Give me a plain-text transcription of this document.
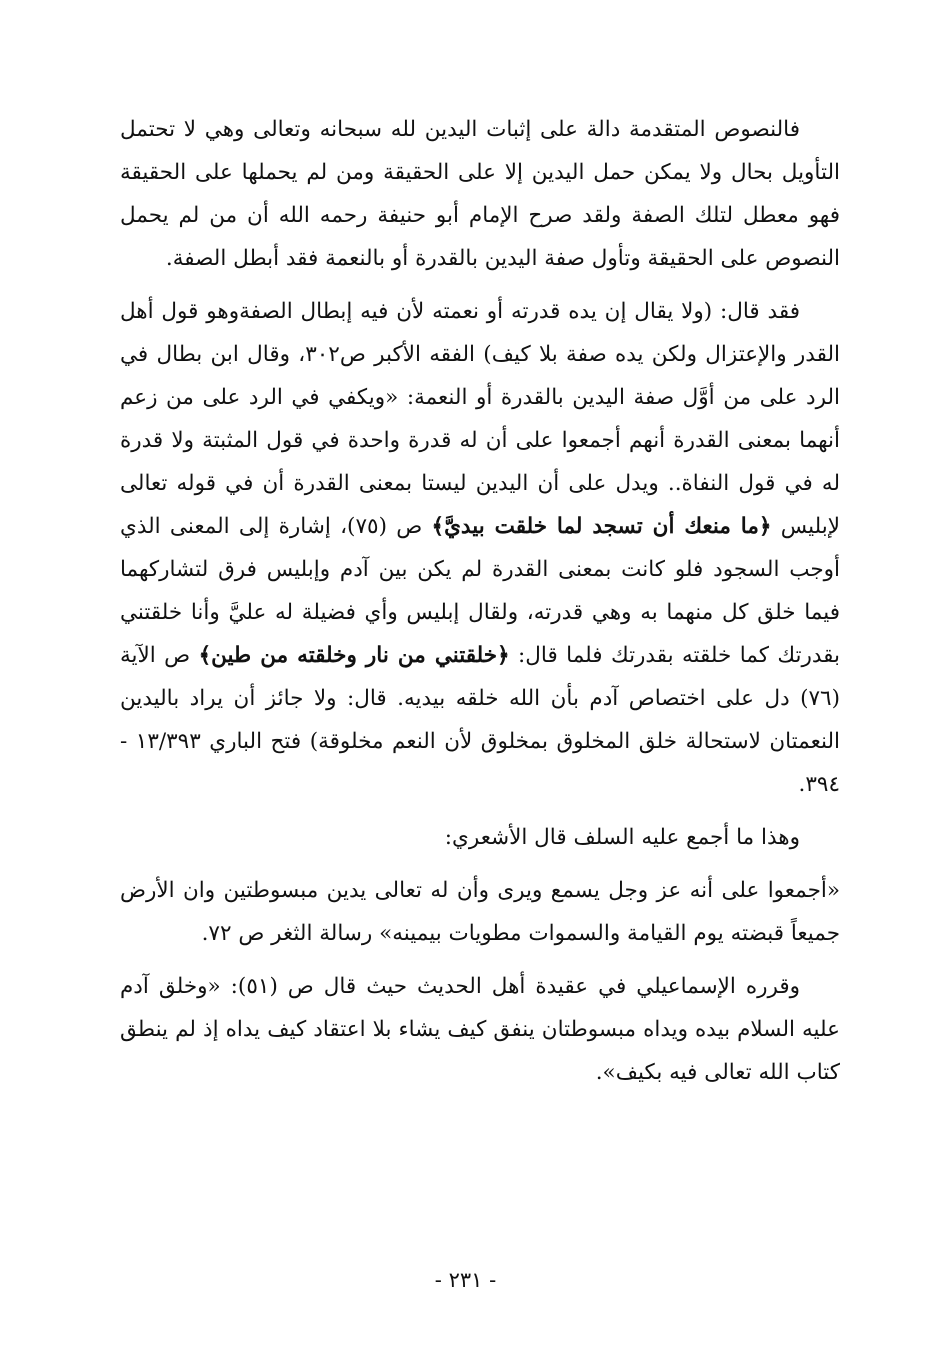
فالنصوص المتقدمة دالة على إثبات اليدين لله سبحانه وتعالى وهي لا تحتمل التأويل بحال ولا يمكن حمل اليدين إلا على الحقيقة ومن لم يحملها على الحقيقة فهو معطل لتلك الصفة ولقد صرح الإمام أبو حنيفة رحمه الله أن من لم يحمل النصوص على الحقيقة وتأول صفة اليدين بالقدرة أو بالنعمة فقد أبطل الصفة.

فقد قال: (ولا يقال إن يده قدرته أو نعمته لأن فيه إبطال الصفةوهو قول أهل القدر والإعتزال ولكن يده صفة بلا كيف) الفقه الأكبر ص٣٠٢، وقال ابن بطال في الرد على من أوَّل صفة اليدين بالقدرة أو النعمة: «ويكفي في الرد على من زعم أنهما بمعنى القدرة أنهم أجمعوا على أن له قدرة واحدة في قول المثبتة ولا قدرة له في قول النفاة.. ويدل على أن اليدين ليستا بمعنى القدرة أن في قوله تعالى لإبليس ﴿ما منعك أن تسجد لما خلقت بيديَّ﴾ ص (٧٥)، إشارة إلى المعنى الذي أوجب السجود فلو كانت بمعنى القدرة لم يكن بين آدم وإبليس فرق لتشاركهما فيما خلق كل منهما به وهي قدرته، ولقال إبليس وأي فضيلة له عليَّ وأنا خلقتني بقدرتك كما خلقته بقدرتك فلما قال: ﴿خلقتني من نار وخلقته من طين﴾ ص الآية (٧٦) دل على اختصاص آدم بأن الله خلقه بيديه. قال: ولا جائز أن يراد باليدين النعمتان لاستحالة خلق المخلوق بمخلوق لأن النعم مخلوقة) فتح الباري ١٣/٣٩٣ - ٣٩٤.

وهذا ما أجمع عليه السلف قال الأشعري:

«أجمعوا على أنه عز وجل يسمع ويرى وأن له تعالى يدين مبسوطتين وان الأرض جميعاً قبضته يوم القيامة والسموات مطويات بيمينه» رسالة الثغر ص ٧٢.

وقرره الإسماعيلي في عقيدة أهل الحديث حيث قال ص (٥١): «وخلق آدم عليه السلام بيده ويداه مبسوطتان ينفق كيف يشاء بلا اعتقاد كيف يداه إذ لم ينطق كتاب الله تعالى فيه بكيف».

- ٢٣١ -
